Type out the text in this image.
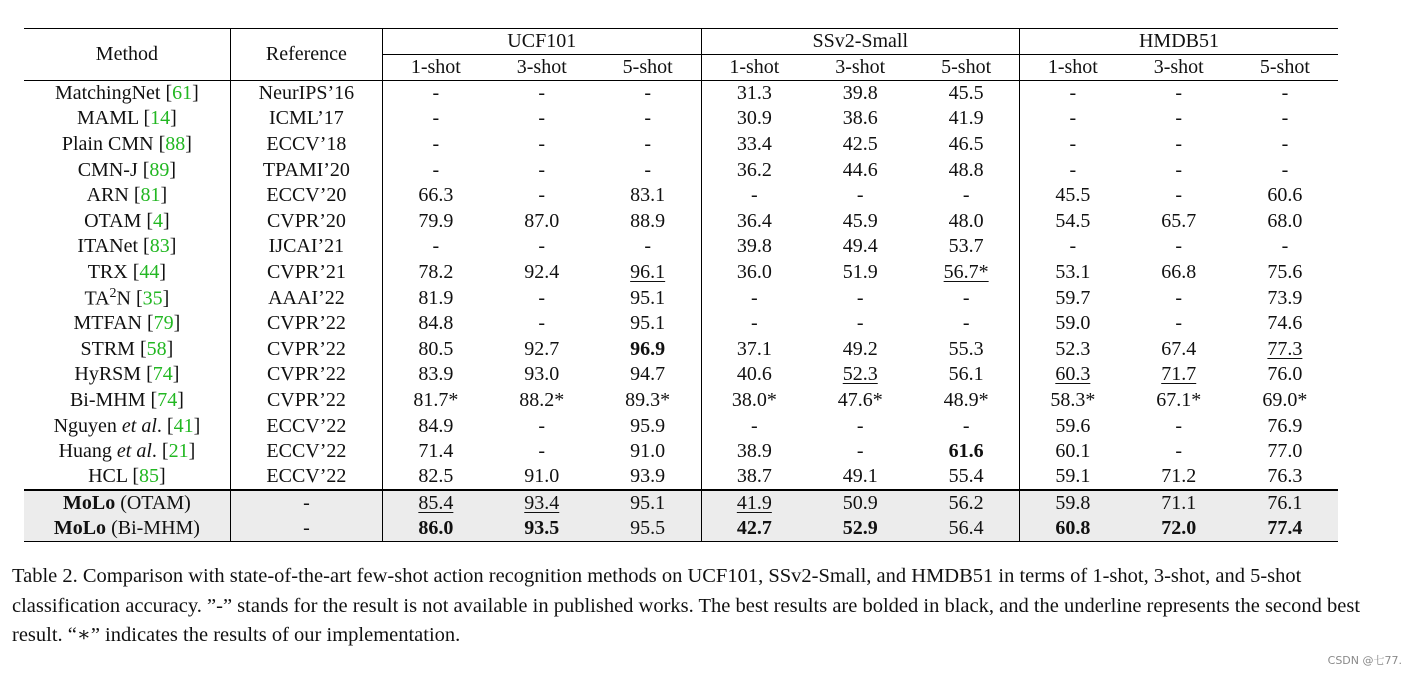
Method	Reference	UCF101			SSv2-Small			HMDB51		
		1-shot	3-shot	5-shot	1-shot	3-shot	5-shot	1-shot	3-shot	5-shot
MatchingNet [61]	NeurIPS’16	-	-	-	31.3	39.8	45.5	-	-	-
MAML [14]	ICML’17	-	-	-	30.9	38.6	41.9	-	-	-
Plain CMN [88]	ECCV’18	-	-	-	33.4	42.5	46.5	-	-	-
CMN-J [89]	TPAMI’20	-	-	-	36.2	44.6	48.8	-	-	-
ARN [81]	ECCV’20	66.3	-	83.1	-	-	-	45.5	-	60.6
OTAM [4]	CVPR’20	79.9	87.0	88.9	36.4	45.9	48.0	54.5	65.7	68.0
ITANet [83]	IJCAI’21	-	-	-	39.8	49.4	53.7	-	-	-
TRX [44]	CVPR’21	78.2	92.4	96.1	36.0	51.9	56.7*	53.1	66.8	75.6
$TA^2N$ [35]	AAAI’22	81.9	-	95.1	-	-	-	59.7	-	73.9
MTFAN [79]	CVPR’22	84.8	-	95.1	-	-	-	59.0	-	74.6
STRM [58]	CVPR’22	80.5	92.7	96.9	37.1	49.2	55.3	52.3	67.4	77.3
HyRSM [74]	CVPR’22	83.9	93.0	94.7	40.6	52.3	56.1	60.3	71.7	76.0
Bi-MHM [74]	CVPR’22	81.7*	88.2*	89.3*	38.0*	47.6*	48.9*	58.3*	67.1*	69.0*
Nguyen et al. [41]	ECCV’22	84.9	-	95.9	-	-	-	59.6	-	76.9
Huang et al. [21]	ECCV’22	71.4	-	91.0	38.9	-	61.6	60.1	-	77.0
HCL [85]	ECCV’22	82.5	91.0	93.9	38.7	49.1	55.4	59.1	71.2	76.3
MoLo (OTAM)	-	85.4	93.4	95.1	41.9	50.9	56.2	59.8	71.1	76.1
MoLo (Bi-MHM)	-	86.0	93.5	95.5	42.7	52.9	56.4	60.8	72.0	77.4
Table 2. Comparison with state-of-the-art few-shot action recognition methods on UCF101, SSv2-Small, and HMDB51 in terms of 1-shot, 3-shot, and 5-shot classification accuracy. ”-” stands for the result is not available in published works. The best results are bolded in black, and the underline represents the second best result. “∗” indicates the results of our implementation.
CSDN @七77.
